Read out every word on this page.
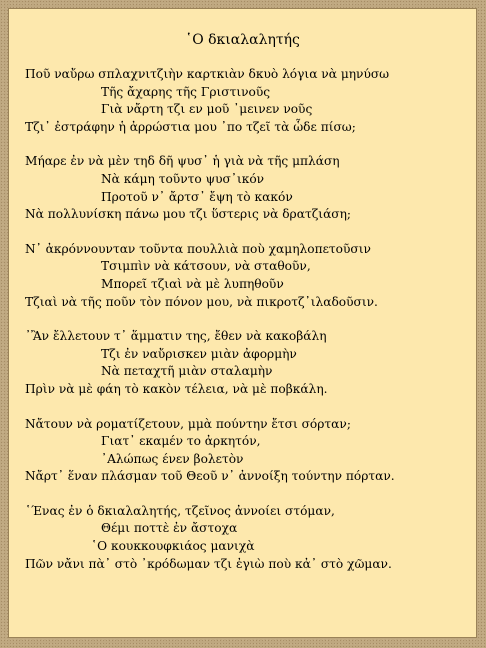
῾Ο δκιαλαλητής
Ποῦ ναὔρω σπλαχνιτζιὴν καρτκιὰν δκυὸ λόγια νὰ μηνύσω
Τῆς ἄχαρης τῆς Γριστινοῦς
Γιὰ νἄρτη τζι εν μοῦ ᾿μεινεν νοῦς
Τζι᾿ ἐστράφην ἡ ἀρρώστια μου ᾿πο τζεῖ τὰ ὧδε πίσω;
Μήαρε ἐν νὰ μὲν τηδ δῆ ψυσ᾿ ἡ γιὰ νὰ τῆς μπλάση
Νὰ κάμη τοῦντο ψυσ᾿ικόν
Προτοῦ ν᾿ ἄρτσ᾿ ἔψη τὸ κακόν
Νὰ πολλυνίσκη πάνω μου τζι ὕστερις νὰ δρατζιάση;
Ν᾿ ἀκρόννουνταν τοῦντα πουλλιὰ ποὺ χαμηλοπετοῦσιν
Τσιμπὶν νὰ κάτσουν, νὰ σταθοῦν,
Μπορεῖ τζιαὶ νὰ μὲ λυπηθοῦν
Τζιαὶ νὰ τῆς ποῦν τὸν πόνον μου, νὰ πικροτζ᾿ιλαδοῦσιν.
᾿Ἂν ἔλλετουν τ᾿ ἅμματιν της, ἔθεν νὰ κακοβάλη
Τζι ἐν ναὔρισκεν μιὰν ἀφορμὴν
Νὰ πεταχτῆ μιὰν σταλαμὴν
Πρὶν νὰ μὲ φάη τὸ κακὸν τέλεια, νὰ μὲ ποβκάλη.
Νἄτουν νὰ ροματίζετουν, μμὰ πούντην ἔτσι σόρταν;
Γιατ᾿ εκαμέν το ἀρκητόν,
᾿Αλώπως ένεν βολετὸν
Νἄρτ᾿ ἕναν πλάσμαν τοῦ Θεοῦ ν᾿ ἀννοίξη τούντην πόρταν.
῾Ένας ἐν ὁ δκιαλαλητής, τζεῖνος ἀννοίει στόμαν,
Θέμι ποττὲ ἐν ἄστοχα
῾Ο κουκκουφκιάος μανιχὰ
Πῶν νἄνι πὰ᾿ στὸ ᾿κρόδωμαν τζι ἐγιὼ ποὺ κἀ᾿ στὸ χῶμαν.
